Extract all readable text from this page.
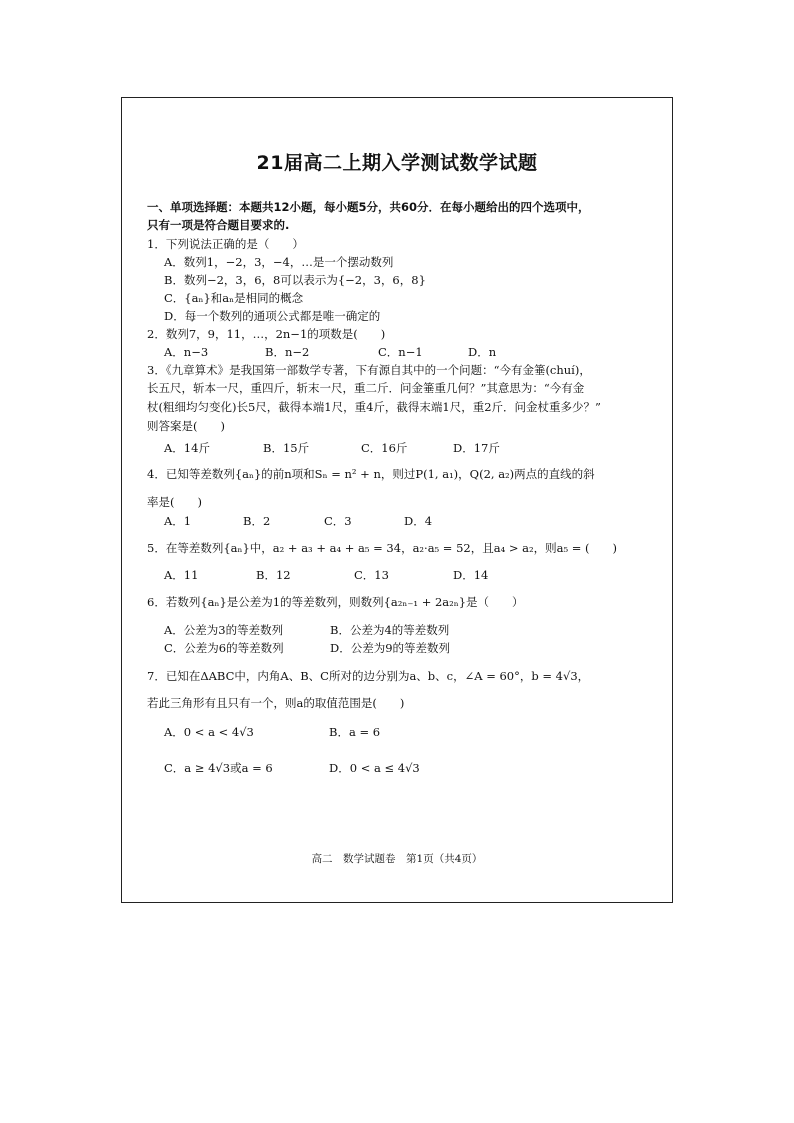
21届高二上期入学测试数学试题
一、单项选择题：本题共12小题，每小题5分，共60分．在每小题给出的四个选项中，
只有一项是符合题目要求的.
1．下列说法正确的是（　　）
A．数列1，−2，3，−4，…是一个摆动数列
B．数列−2，3，6，8可以表示为{−2，3，6，8}
C．{aₙ}和aₙ是相同的概念
D．每一个数列的通项公式都是唯一确定的
2．数列7，9，11，…，2n−1的项数是(　　)
A．n−3	B．n−2	C．n−1	D．n
3．《九章算术》是我国第一部数学专著，下有源自其中的一个问题：“今有金箠(chuí)，
长五尺，斩本一尺，重四斤，斩末一尺，重二斤．问金箠重几何？”其意思为：“今有金
杖(粗细均匀变化)长5尺，截得本端1尺，重4斤，截得末端1尺，重2斤．问金杖重多少？”
则答案是(　　)
A．14斤	B．15斤	C．16斤	D．17斤
4．已知等差数列{aₙ}的前n项和Sₙ = n² + n，则过P(1, a₁)，Q(2, a₂)两点的直线的斜
率是(　　)
A．1	B．2	C．3	D．4
5．在等差数列{aₙ}中，a₂ + a₃ + a₄ + a₅ = 34，a₂·a₅ = 52，且a₄ > a₂，则a₅ = (　　)
A．11	B．12	C．13	D．14
6．若数列{aₙ}是公差为1的等差数列，则数列{a₂ₙ₋₁ + 2a₂ₙ}是（　　）
A．公差为3的等差数列	B．公差为4的等差数列
C．公差为6的等差数列	D．公差为9的等差数列
7．已知在ΔABC中，内角A、B、C所对的边分别为a、b、c，∠A = 60°，b = 4√3，
若此三角形有且只有一个，则a的取值范围是(　　)
A．0 < a < 4√3	B．a = 6
C．a ≥ 4√3或a = 6	D．0 < a ≤ 4√3
高二　数学试题卷　第1页（共4页）
